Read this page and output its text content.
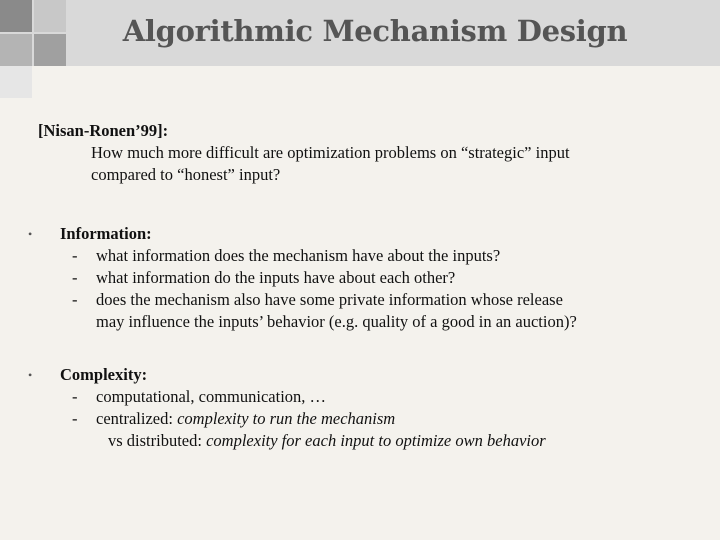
Algorithmic Mechanism Design
[Nisan-Ronen’99]:
How much more difficult are optimization problems on “strategic” input
compared to “honest” input?
• Information:
- what information does the mechanism have about the inputs?
- what information do the inputs have about each other?
- does the mechanism also have some private information whose release
may influence the inputs’ behavior (e.g. quality of a good in an auction)?
• Complexity:
- computational, communication, …
- centralized: complexity to run the mechanism
vs distributed: complexity for each input to optimize own behavior
